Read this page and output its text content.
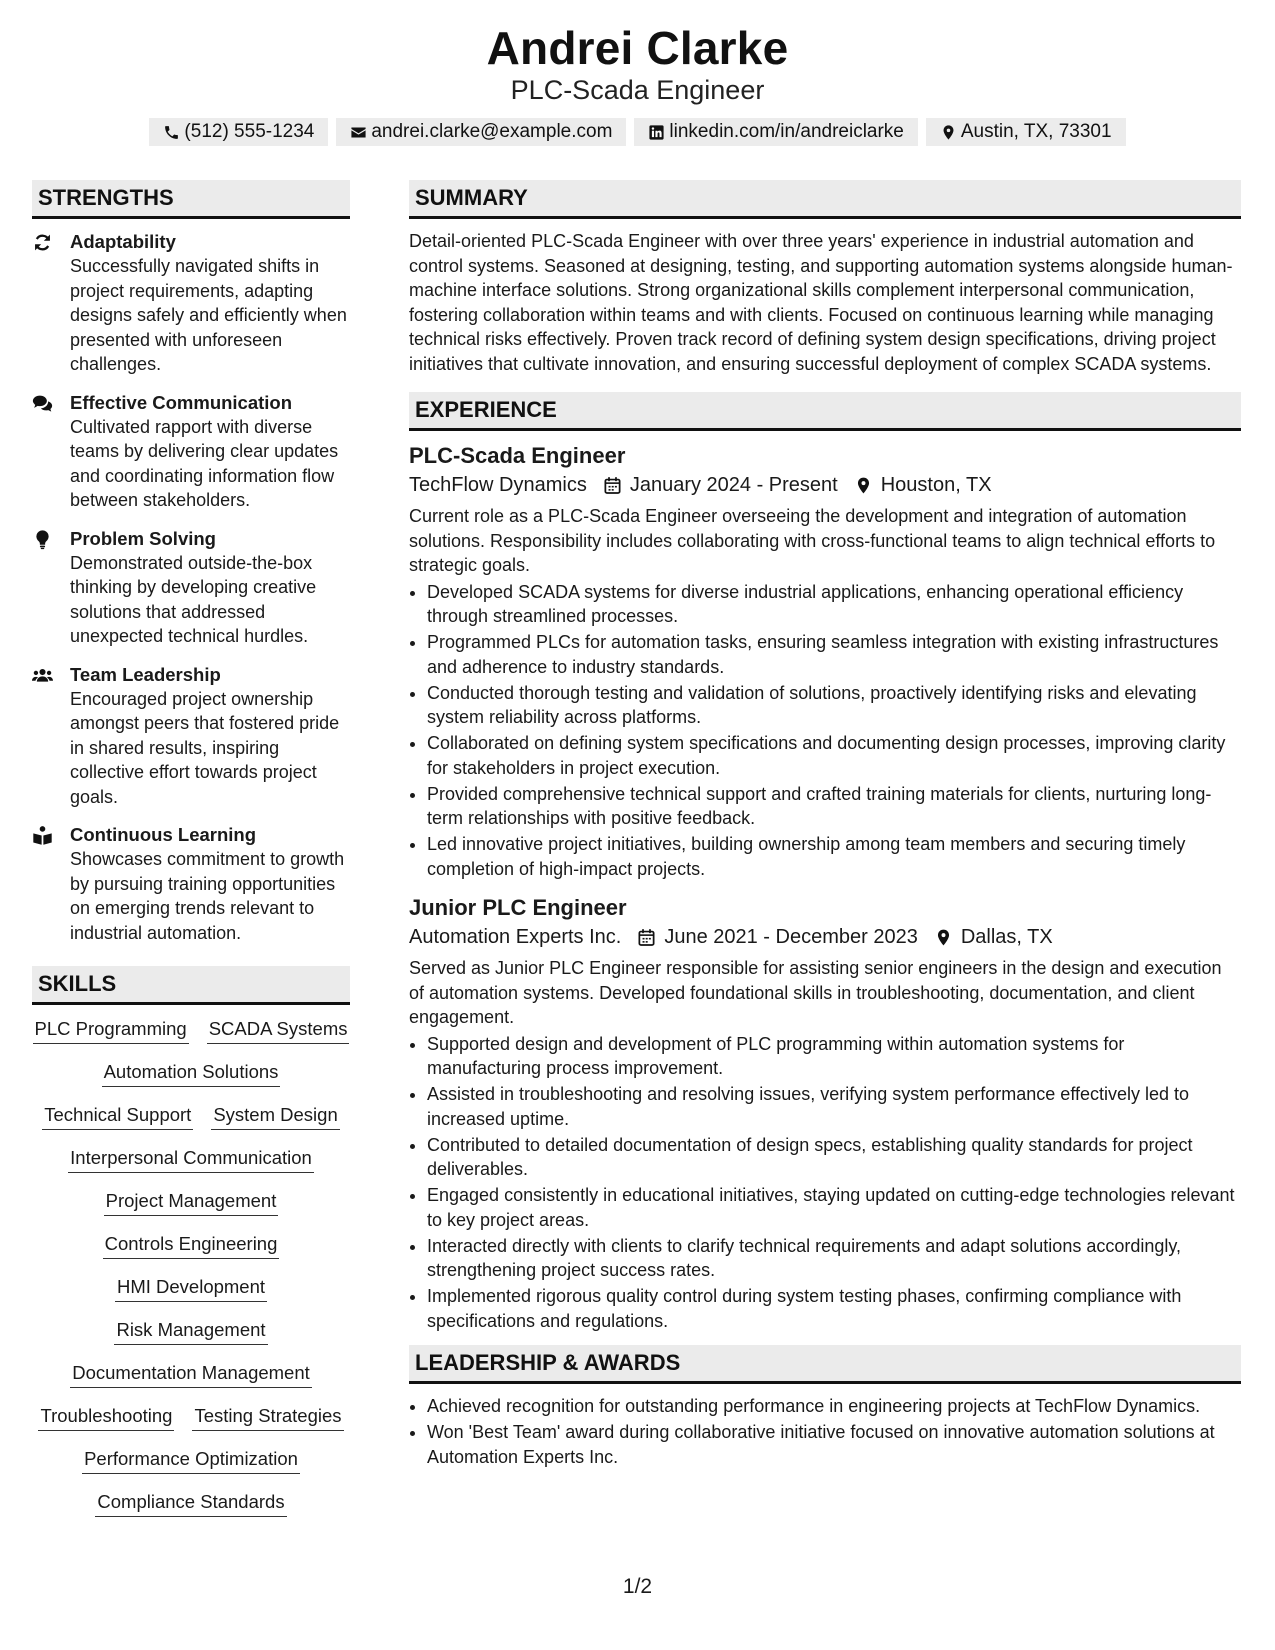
Andrei Clarke
PLC-Scada Engineer
(512) 555-1234	andrei.clarke@example.com	linkedin.com/in/andreiclarke	Austin, TX, 73301
STRENGTHS
Adaptability
Successfully navigated shifts in project requirements, adapting designs safely and efficiently when presented with unforeseen challenges.
Effective Communication
Cultivated rapport with diverse teams by delivering clear updates and coordinating information flow between stakeholders.
Problem Solving
Demonstrated outside-the-box thinking by developing creative solutions that addressed unexpected technical hurdles.
Team Leadership
Encouraged project ownership amongst peers that fostered pride in shared results, inspiring collective effort towards project goals.
Continuous Learning
Showcases commitment to growth by pursuing training opportunities on emerging trends relevant to industrial automation.
SKILLS
PLC Programming SCADA Systems
Automation Solutions
Technical Support System Design
Interpersonal Communication
Project Management
Controls Engineering
HMI Development
Risk Management
Documentation Management
Troubleshooting Testing Strategies
Performance Optimization
Compliance Standards
SUMMARY
Detail-oriented PLC-Scada Engineer with over three years' experience in industrial automation and control systems. Seasoned at designing, testing, and supporting automation systems alongside human-machine interface solutions. Strong organizational skills complement interpersonal communication, fostering collaboration within teams and with clients. Focused on continuous learning while managing technical risks effectively. Proven track record of defining system design specifications, driving project initiatives that cultivate innovation, and ensuring successful deployment of complex SCADA systems.
EXPERIENCE
PLC-Scada Engineer
TechFlow Dynamics January 2024 - Present Houston, TX
Current role as a PLC-Scada Engineer overseeing the development and integration of automation solutions. Responsibility includes collaborating with cross-functional teams to align technical efforts to strategic goals.
• Developed SCADA systems for diverse industrial applications, enhancing operational efficiency through streamlined processes.
• Programmed PLCs for automation tasks, ensuring seamless integration with existing infrastructures and adherence to industry standards.
• Conducted thorough testing and validation of solutions, proactively identifying risks and elevating system reliability across platforms.
• Collaborated on defining system specifications and documenting design processes, improving clarity for stakeholders in project execution.
• Provided comprehensive technical support and crafted training materials for clients, nurturing long-term relationships with positive feedback.
• Led innovative project initiatives, building ownership among team members and securing timely completion of high-impact projects.
Junior PLC Engineer
Automation Experts Inc. June 2021 - December 2023 Dallas, TX
Served as Junior PLC Engineer responsible for assisting senior engineers in the design and execution of automation systems. Developed foundational skills in troubleshooting, documentation, and client engagement.
• Supported design and development of PLC programming within automation systems for manufacturing process improvement.
• Assisted in troubleshooting and resolving issues, verifying system performance effectively led to increased uptime.
• Contributed to detailed documentation of design specs, establishing quality standards for project deliverables.
• Engaged consistently in educational initiatives, staying updated on cutting-edge technologies relevant to key project areas.
• Interacted directly with clients to clarify technical requirements and adapt solutions accordingly, strengthening project success rates.
• Implemented rigorous quality control during system testing phases, confirming compliance with specifications and regulations.
LEADERSHIP & AWARDS
• Achieved recognition for outstanding performance in engineering projects at TechFlow Dynamics.
• Won 'Best Team' award during collaborative initiative focused on innovative automation solutions at Automation Experts Inc.
1/2
